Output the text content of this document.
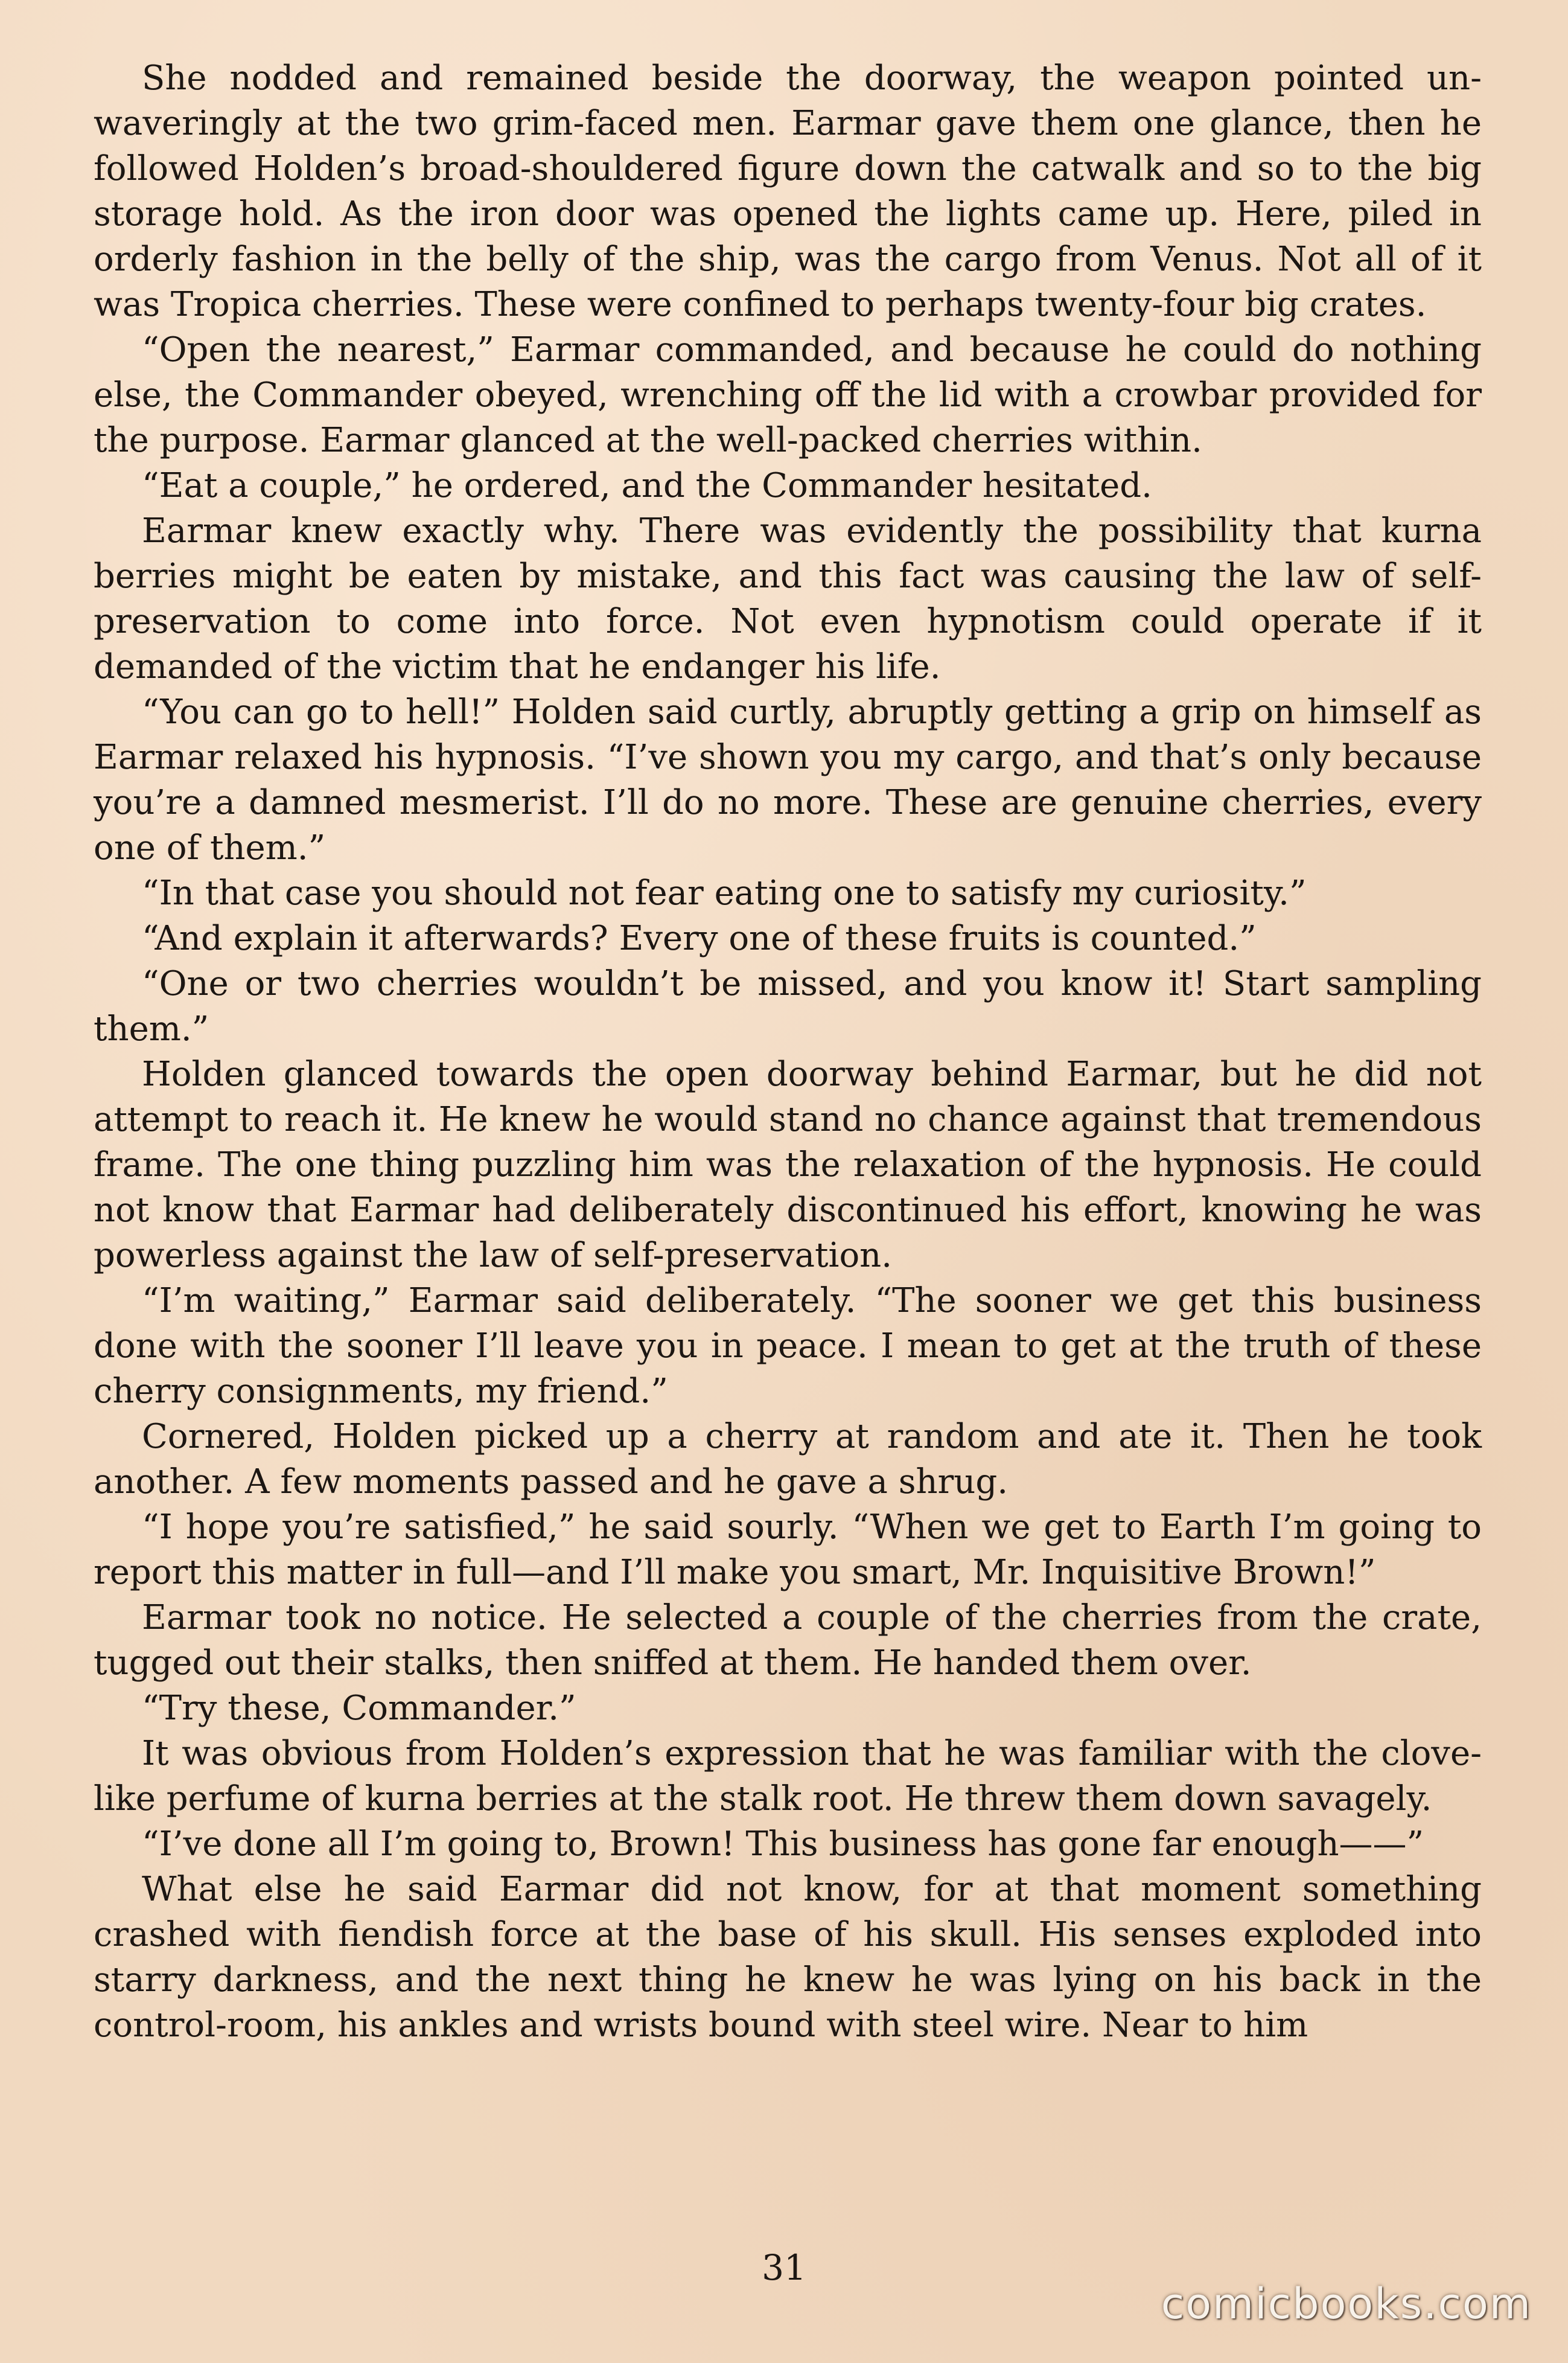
She nodded and remained beside the doorway, the weapon pointed unwaveringly at the two grim-faced men. Earmar gave them one glance, then he followed Holden’s broad-shouldered figure down the catwalk and so to the big storage hold. As the iron door was opened the lights came up. Here, piled in orderly fashion in the belly of the ship, was the cargo from Venus. Not all of it was Tropica cherries. These were confined to perhaps twenty-four big crates.

“Open the nearest,” Earmar commanded, and because he could do nothing else, the Commander obeyed, wrenching off the lid with a crowbar provided for the purpose. Earmar glanced at the well-packed cherries within.

“Eat a couple,” he ordered, and the Commander hesitated.

Earmar knew exactly why. There was evidently the possibility that kurna berries might be eaten by mistake, and this fact was causing the law of self-preservation to come into force. Not even hypnotism could operate if it demanded of the victim that he endanger his life.

“You can go to hell!” Holden said curtly, abruptly getting a grip on himself as Earmar relaxed his hypnosis. “I’ve shown you my cargo, and that’s only because you’re a damned mesmerist. I’ll do no more. These are genuine cherries, every one of them.”

“In that case you should not fear eating one to satisfy my curiosity.”

“And explain it afterwards? Every one of these fruits is counted.”

“One or two cherries wouldn’t be missed, and you know it! Start sampling them.”

Holden glanced towards the open doorway behind Earmar, but he did not attempt to reach it. He knew he would stand no chance against that tremendous frame. The one thing puzzling him was the relaxation of the hypnosis. He could not know that Earmar had deliberately discontinued his effort, knowing he was powerless against the law of self-preservation.

“I’m waiting,” Earmar said deliberately. “The sooner we get this business done with the sooner I’ll leave you in peace. I mean to get at the truth of these cherry consignments, my friend.”

Cornered, Holden picked up a cherry at random and ate it. Then he took another. A few moments passed and he gave a shrug.

“I hope you’re satisfied,” he said sourly. “When we get to Earth I’m going to report this matter in full—and I’ll make you smart, Mr. Inquisitive Brown!”

Earmar took no notice. He selected a couple of the cherries from the crate, tugged out their stalks, then sniffed at them. He handed them over.

“Try these, Commander.”

It was obvious from Holden’s expression that he was familiar with the clove-like perfume of kurna berries at the stalk root. He threw them down savagely.

“I’ve done all I’m going to, Brown! This business has gone far enough——”

What else he said Earmar did not know, for at that moment something crashed with fiendish force at the base of his skull. His senses exploded into starry darkness, and the next thing he knew he was lying on his back in the control-room, his ankles and wrists bound with steel wire. Near to him

31
comicbooks.com
